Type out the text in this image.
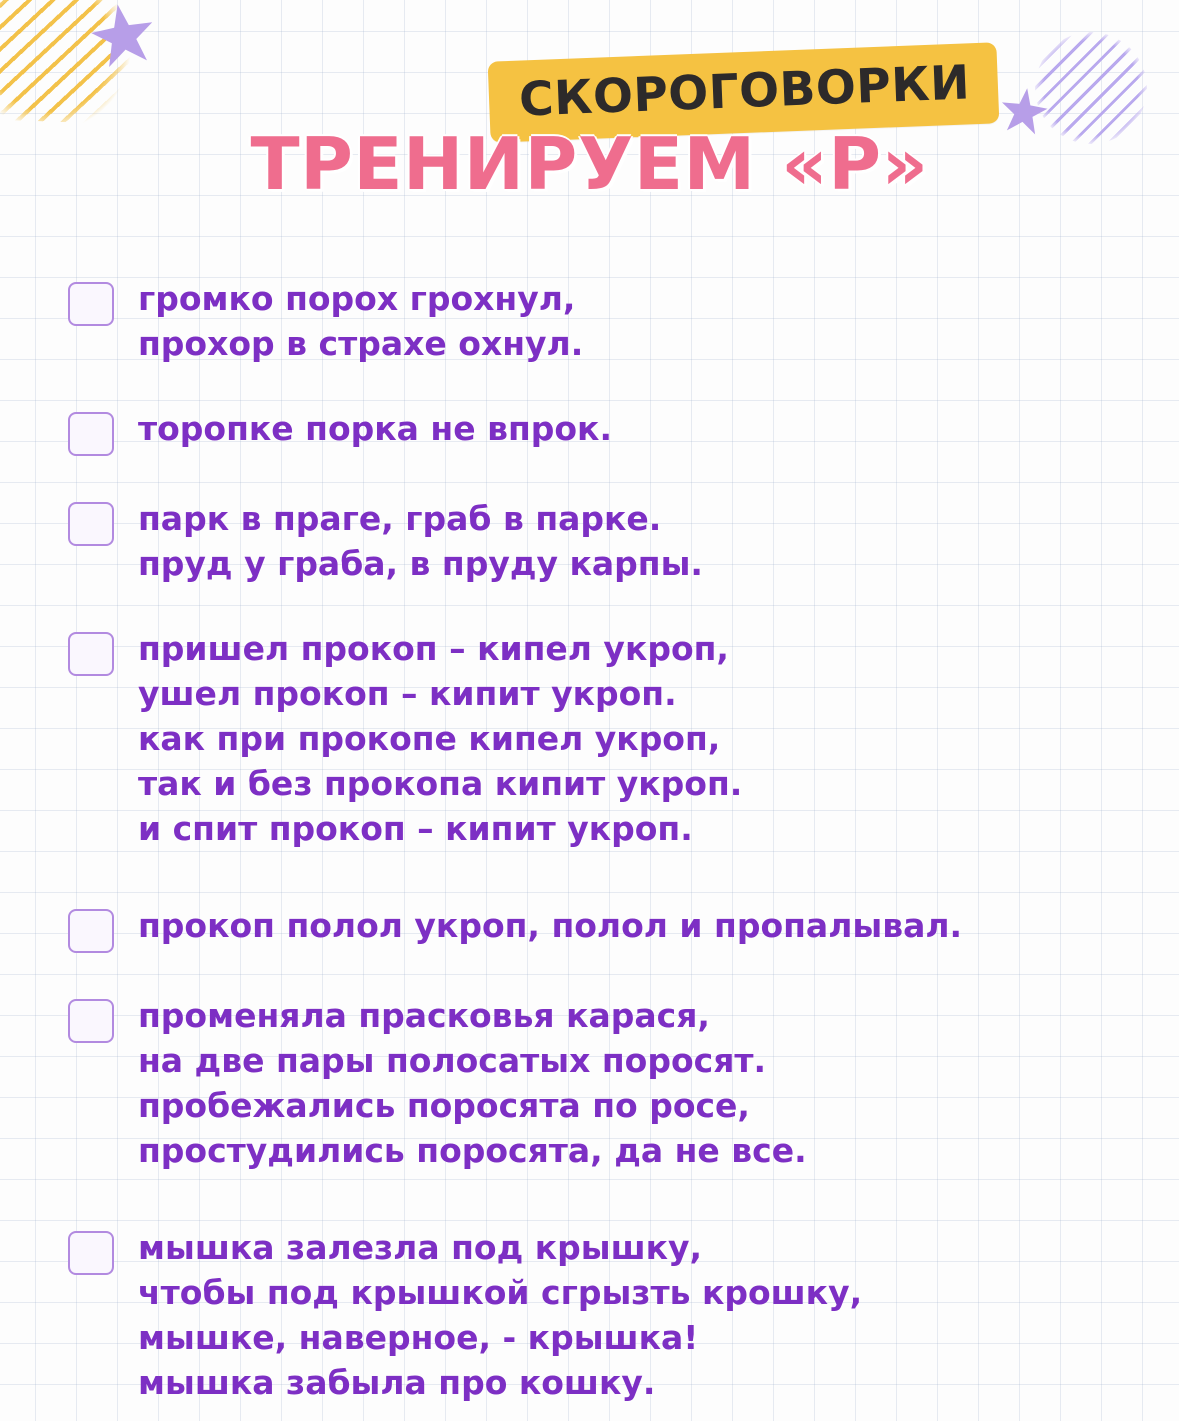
СКОРОГОВОРКИ
ТРЕНИРУЕМ «Р»
громко порох грохнул,
прохор в страхе охнул.
торопке порка не впрок.
парк в праге, граб в парке.
пруд у граба, в пруду карпы.
пришел прокоп – кипел укроп,
ушел прокоп – кипит укроп.
как при прокопе кипел укроп,
так и без прокопа кипит укроп.
и спит прокоп – кипит укроп.
прокоп полол укроп, полол и пропалывал.
променяла прасковья карася,
на две пары полосатых поросят.
пробежались поросята по росе,
простудились поросята, да не все.
мышка залезла под крышку,
чтобы под крышкой сгрызть крошку,
мышке, наверное, - крышка!
мышка забыла про кошку.
